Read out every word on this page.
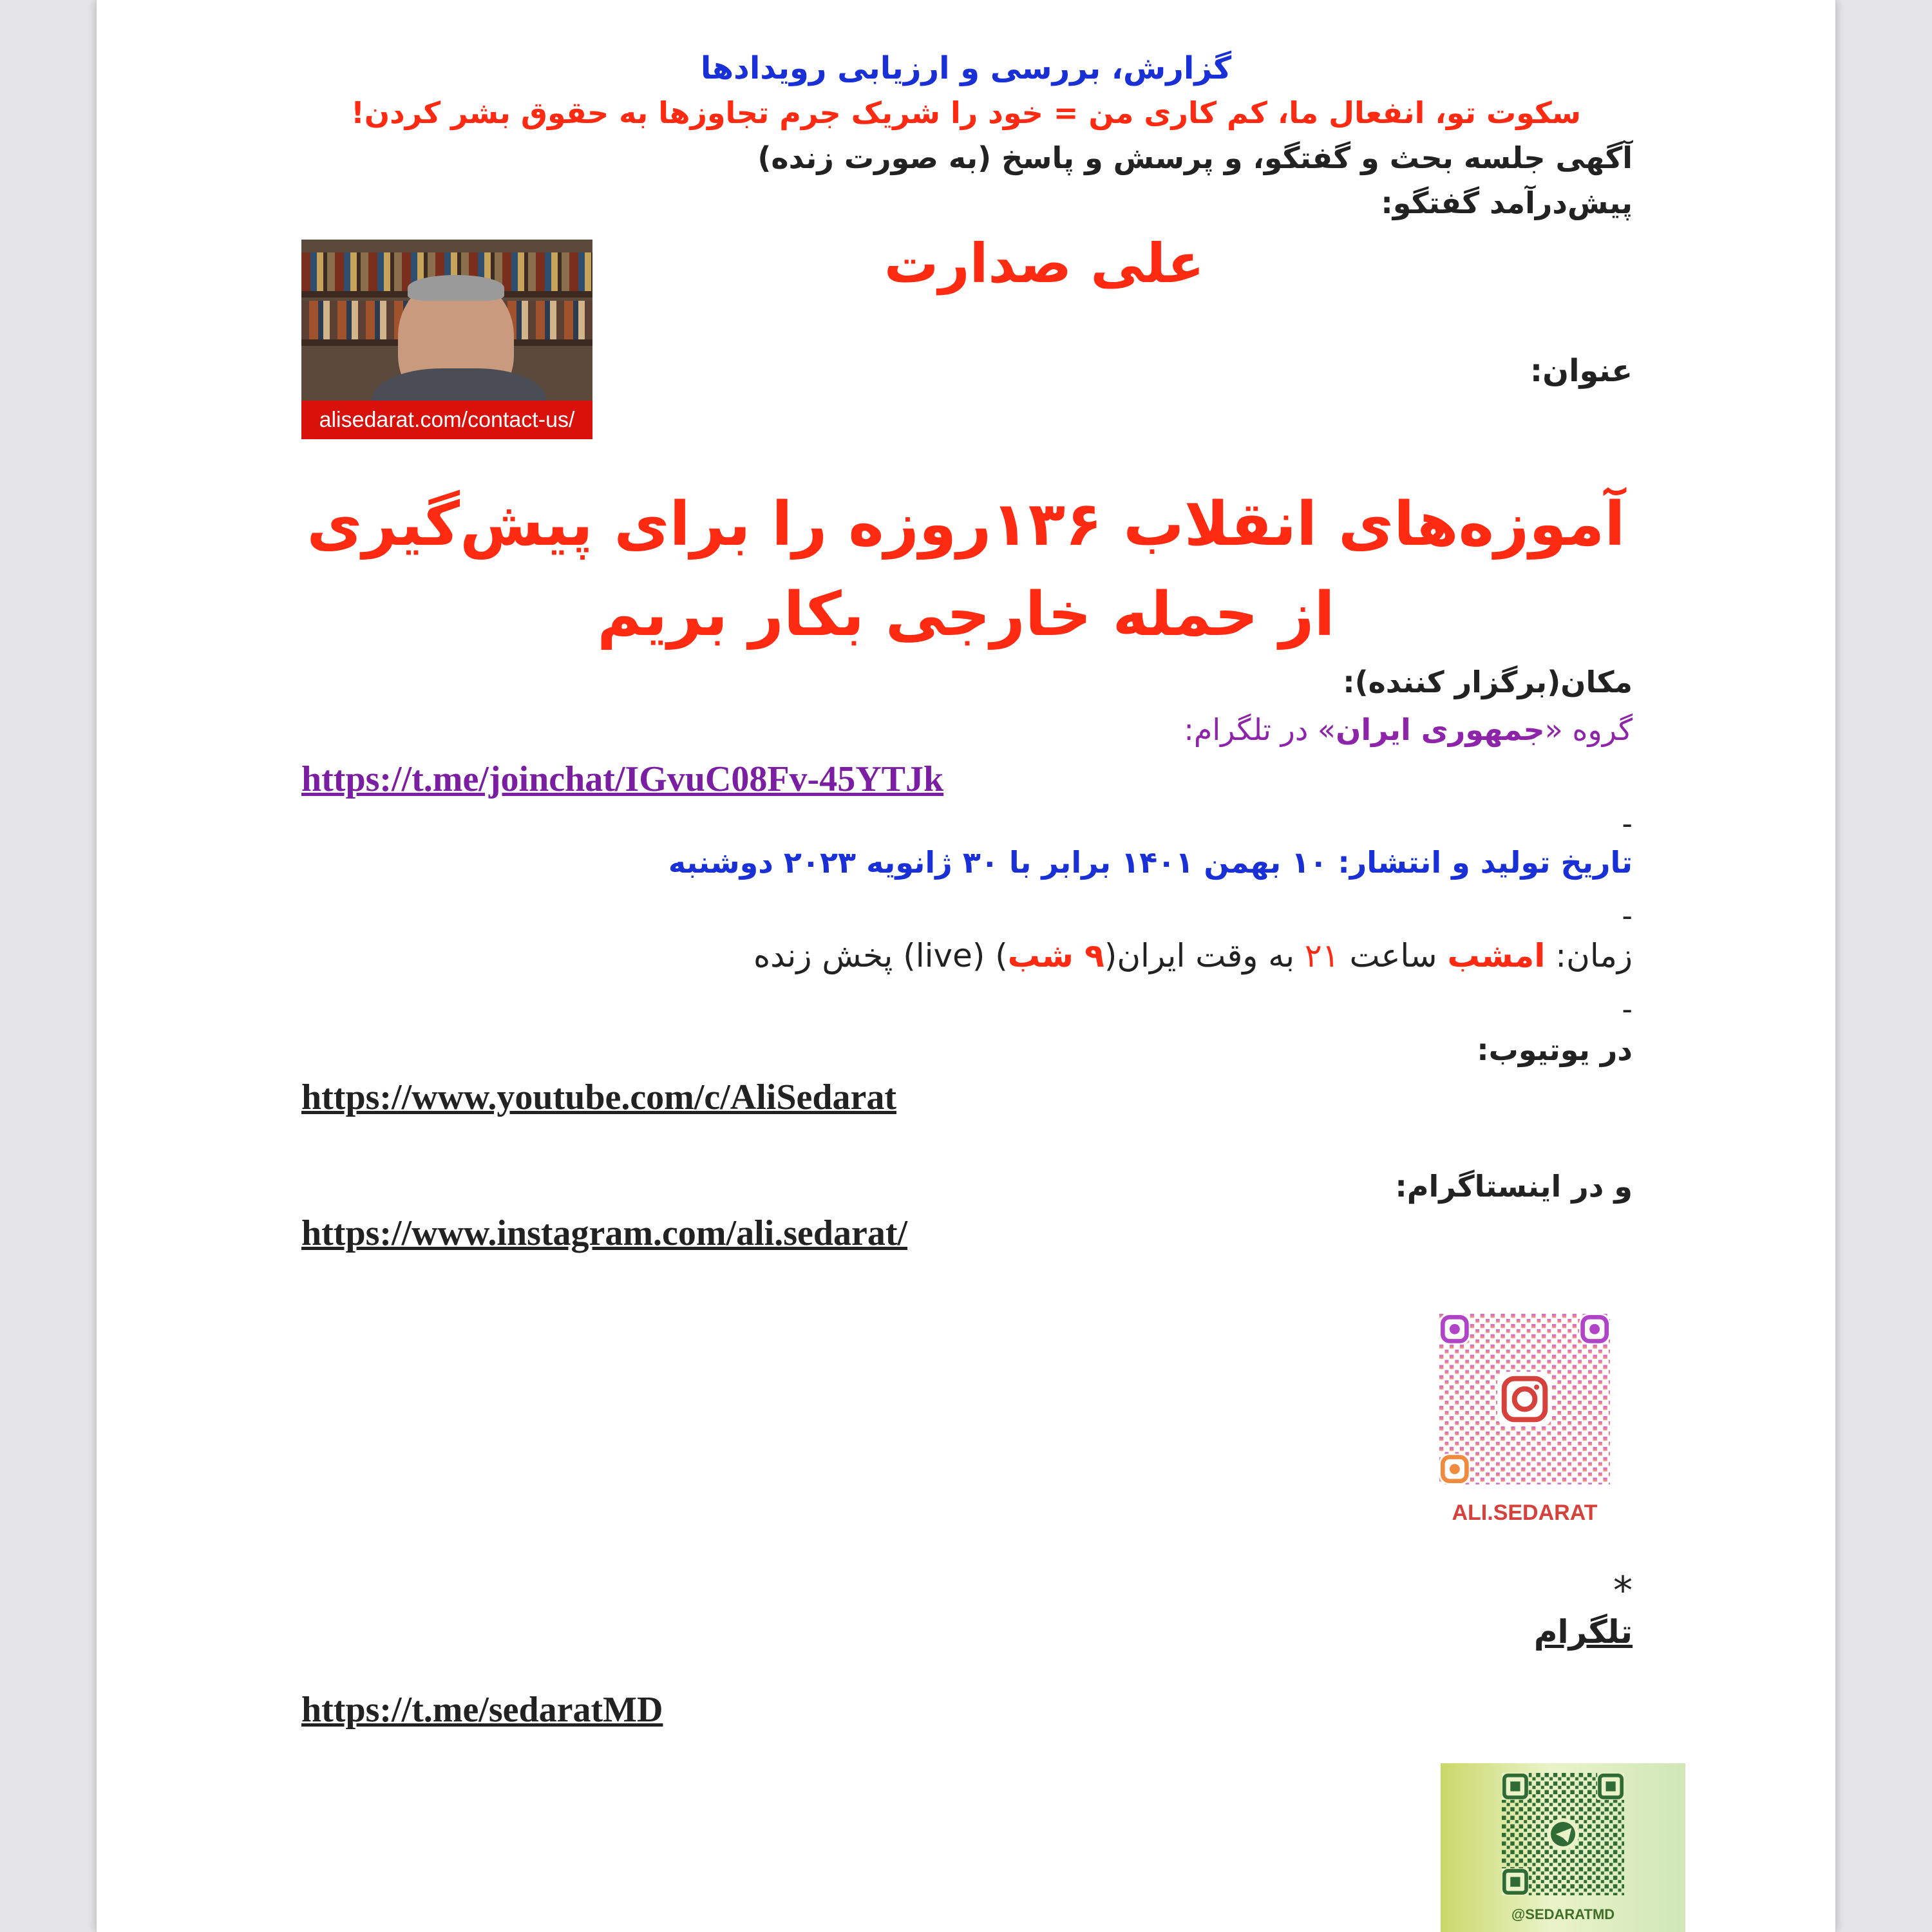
گزارش، بررسی و ارزیابی رویدادها
سکوت تو، انفعال ما، کم کاری من = خود را شریک جرم تجاوزها به حقوق بشر کردن!
آگهی جلسه بحث و گفتگو، و پرسش و پاسخ (به صورت زنده)
پیش‌درآمد گفتگو:
alisedarat.com/contact-us/
علی صدارت
عنوان:
آموزه‌های انقلاب ۱۳۶روزه را برای پیش‌گیری از حمله خارجی بکار بریم
مکان(برگزار کننده):
گروه «جمهوری ایران» در تلگرام:
https://t.me/joinchat/IGvuC08Fv-45YTJk
-
تاریخ تولید و انتشار: ۱۰ بهمن ۱۴۰۱ برابر با ۳۰ ژانویه ۲۰۲۳ دوشنبه
-
زمان: امشب ساعت ۲۱ به وقت ایران(۹ شب) (live) پخش زنده
-
در یوتیوب:
https://www.youtube.com/c/AliSedarat
و در اینستاگرام:
https://www.instagram.com/ali.sedarat/
ALI.SEDARAT
*
تلگرام
https://t.me/sedaratMD
@SEDARATMD
